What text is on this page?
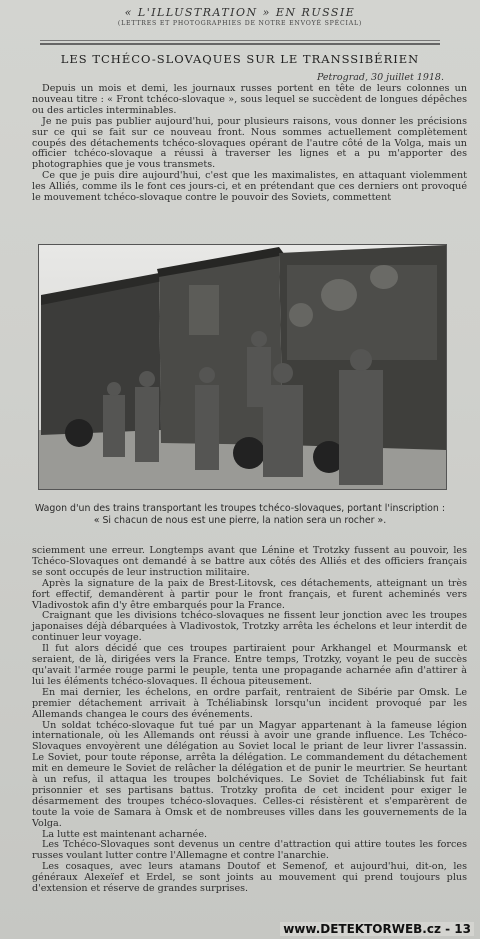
« L'ILLUSTRATION » EN RUSSIE
(LETTRES ET PHOTOGRAPHIES DE NOTRE ENVOYÉ SPÉCIAL)
LES TCHÉCO-SLOVAQUES SUR LE TRANSSIBÉRIEN
Petrograd, 30 juillet 1918.

Depuis un mois et demi, les journaux russes portent en tête de leurs colonnes un nouveau titre : « Front tchéco-slovaque », sous lequel se succèdent de longues dépêches ou des articles interminables.

Je ne puis pas publier aujourd'hui, pour plusieurs raisons, vous donner les précisions sur ce qui se fait sur ce nouveau front. Nous sommes actuellement complètement coupés des détachements tchéco-slovaques opérant de l'autre côté de la Volga, mais un officier tchéco-slovaque a réussi à traverser les lignes et a pu m'apporter des photographies que je vous transmets.

Ce que je puis dire aujourd'hui, c'est que les maximalistes, en attaquant violemment les Alliés, comme ils le font ces jours-ci, et en prétendant que ces derniers ont provoqué le mouvement tchéco-slovaque contre le pouvoir des Soviets, commettent

Wagon d'un des trains transportant les troupes tchéco-slovaques, portant l'inscription :
« Si chacun de nous est une pierre, la nation sera un rocher ».

sciemment une erreur. Longtemps avant que Lénine et Trotzky fussent au pouvoir, les Tchéco-Slovaques ont demandé à se battre aux côtés des Alliés et des officiers français se sont occupés de leur instruction militaire.

Après la signature de la paix de Brest-Litovsk, ces détachements, atteignant un très fort effectif, demandèrent à partir pour le front français, et furent acheminés vers Vladivostok afin d'y être embarqués pour la France.

Craignant que les divisions tchéco-slovaques ne fissent leur jonction avec les troupes japonaises déjà débarquées à Vladivostok, Trotzky arrêta les échelons et leur interdit de continuer leur voyage.

Il fut alors décidé que ces troupes partiraient pour Arkhangel et Mourmansk et seraient, de là, dirigées vers la France. Entre temps, Trotzky, voyant le peu de succès qu'avait l'armée rouge parmi le peuple, tenta une propagande acharnée afin d'attirer à lui les éléments tchéco-slovaques. Il échoua piteusement.

En mai dernier, les échelons, en ordre parfait, rentraient de Sibérie par Omsk. Le premier détachement arrivait à Tchéliabinsk lorsqu'un incident provoqué par les Allemands changea le cours des événements.

Un soldat tchéco-slovaque fut tué par un Magyar appartenant à la fameuse légion internationale, où les Allemands ont réussi à avoir une grande influence. Les Tchéco-Slovaques envoyèrent une délégation au Soviet local le priant de leur livrer l'assassin. Le Soviet, pour toute réponse, arrêta la délégation. Le commandement du détachement mit en demeure le Soviet de relâcher la délégation et de punir le meurtrier. Se heurtant à un refus, il attaqua les troupes bolchéviques. Le Soviet de Tchéliabinsk fut fait prisonnier et ses partisans battus. Trotzky profita de cet incident pour exiger le désarmement des troupes tchéco-slovaques. Celles-ci résistèrent et s'emparèrent de toute la voie de Samara à Omsk et de nombreuses villes dans les gouvernements de la Volga.

La lutte est maintenant acharnée.

Les Tchéco-Slovaques sont devenus un centre d'attraction qui attire toutes les forces russes voulant lutter contre l'Allemagne et contre l'anarchie.

Les cosaques, avec leurs atamans Doutof et Semenof, et aujourd'hui, dit-on, les généraux Alexeïef et Erdel, se sont joints au mouvement qui prend toujours plus d'extension et réserve de grandes surprises.

www.DETEKTORWEB.cz - 13
